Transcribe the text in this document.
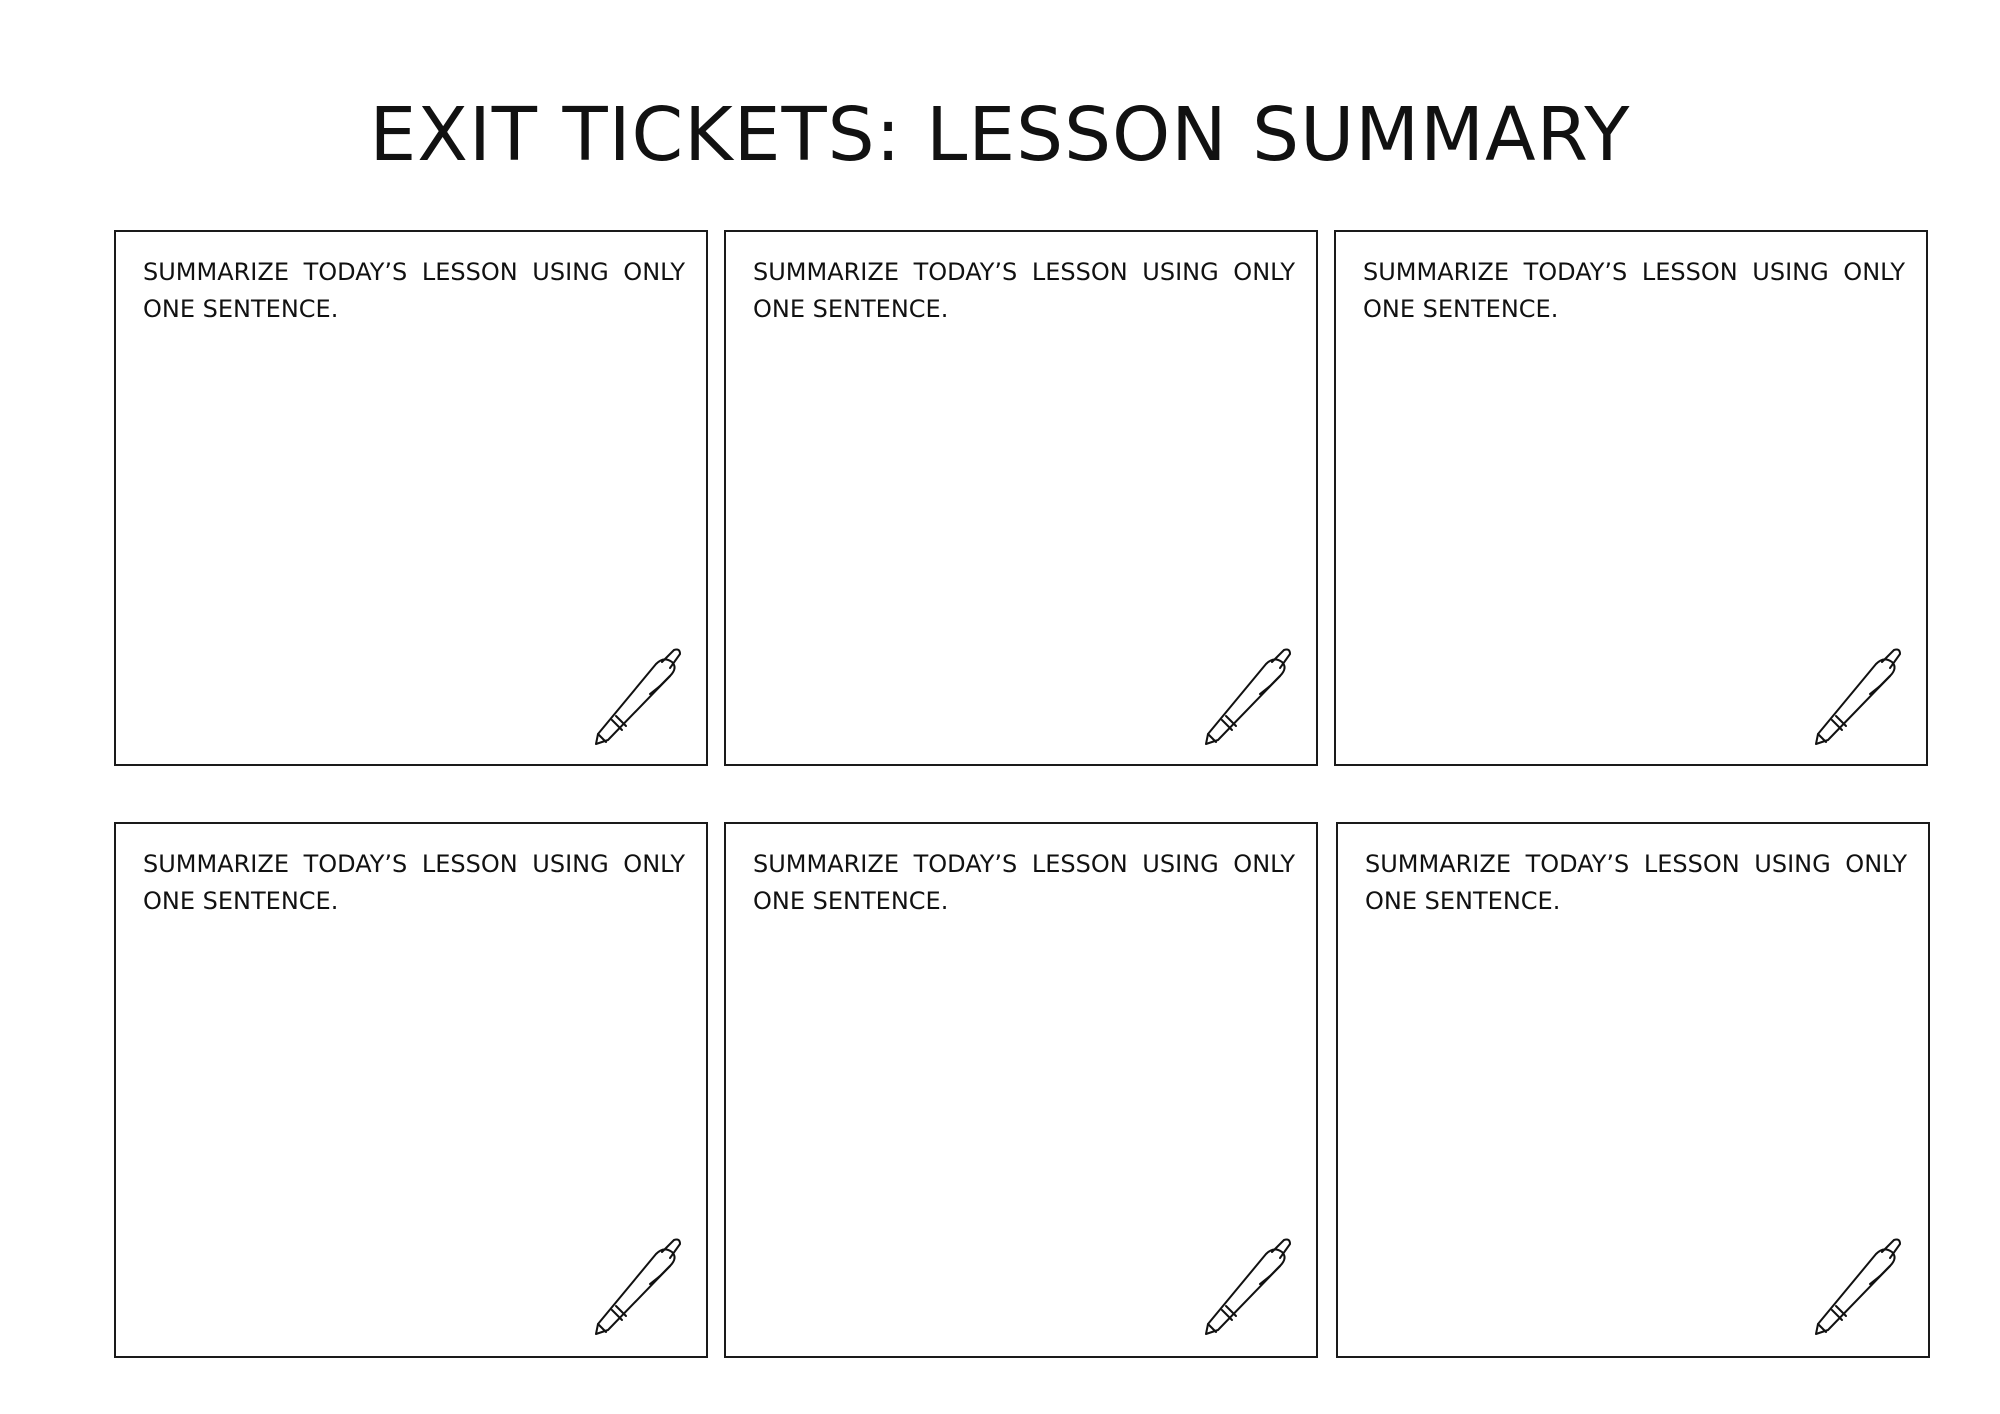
EXIT TICKETS: LESSON SUMMARY

SUMMARIZE TODAY’S LESSON USING ONLY ONE SENTENCE.

SUMMARIZE TODAY’S LESSON USING ONLY ONE SENTENCE.

SUMMARIZE TODAY’S LESSON USING ONLY ONE SENTENCE.

SUMMARIZE TODAY’S LESSON USING ONLY ONE SENTENCE.

SUMMARIZE TODAY’S LESSON USING ONLY ONE SENTENCE.

SUMMARIZE TODAY’S LESSON USING ONLY ONE SENTENCE.
